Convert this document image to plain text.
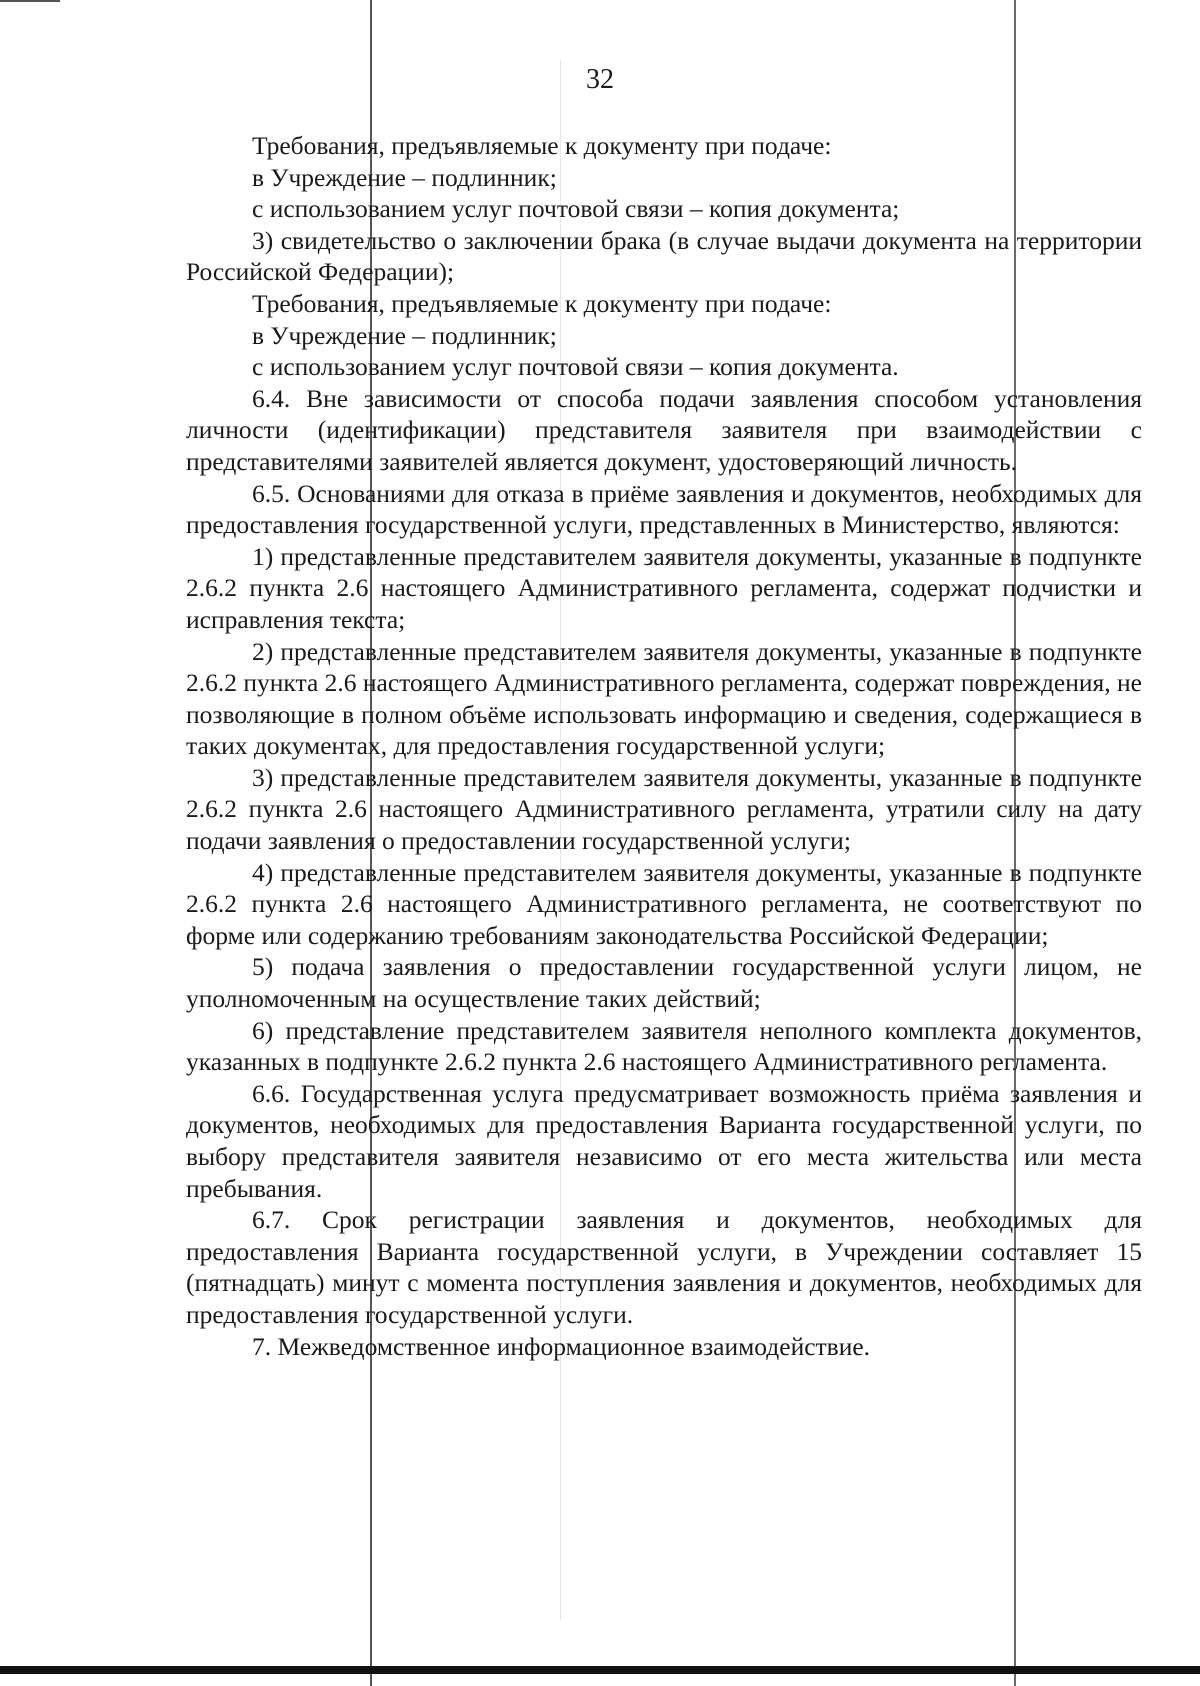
32

Требования, предъявляемые к документу при подаче:

в Учреждение – подлинник;

с использованием услуг почтовой связи – копия документа;

3) свидетельство о заключении брака (в случае выдачи документа на территории Российской Федерации);

Требования, предъявляемые к документу при подаче:

в Учреждение – подлинник;

с использованием услуг почтовой связи – копия документа.

6.4. Вне зависимости от способа подачи заявления способом установления личности (идентификации) представителя заявителя при взаимодействии с представителями заявителей является документ, удостоверяющий личность.

6.5. Основаниями для отказа в приёме заявления и документов, необходимых для предоставления государственной услуги, представленных в Министерство, являются:

1) представленные представителем заявителя документы, указанные в подпункте 2.6.2 пункта 2.6 настоящего Административного регламента, содержат подчистки и исправления текста;

2) представленные представителем заявителя документы, указанные в подпункте 2.6.2 пункта 2.6 настоящего Административного регламента, содержат повреждения, не позволяющие в полном объёме использовать информацию и сведения, содержащиеся в таких документах, для предоставления государственной услуги;

3) представленные представителем заявителя документы, указанные в подпункте 2.6.2 пункта 2.6 настоящего Административного регламента, утратили силу на дату подачи заявления о предоставлении государственной услуги;

4) представленные представителем заявителя документы, указанные в подпункте 2.6.2 пункта 2.6 настоящего Административного регламента, не соответствуют по форме или содержанию требованиям законодательства Российской Федерации;

5) подача заявления о предоставлении государственной услуги лицом, не уполномоченным на осуществление таких действий;

6) представление представителем заявителя неполного комплекта документов, указанных в подпункте 2.6.2 пункта 2.6 настоящего Административного регламента.

6.6. Государственная услуга предусматривает возможность приёма заявления и документов, необходимых для предоставления Варианта государственной услуги, по выбору представителя заявителя независимо от его места жительства или места пребывания.

6.7. Срок регистрации заявления и документов, необходимых для предоставления Варианта государственной услуги, в Учреждении составляет 15 (пятнадцать) минут с момента поступления заявления и документов, необходимых для предоставления государственной услуги.

7. Межведомственное информационное взаимодействие.
